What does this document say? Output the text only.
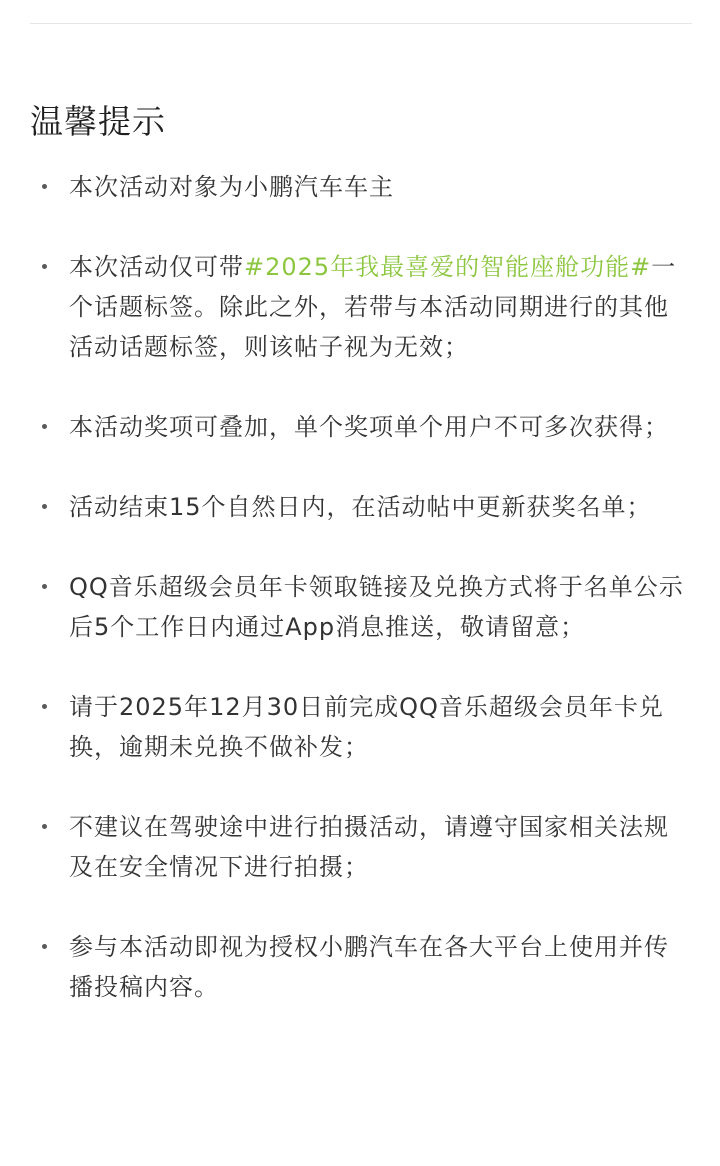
温馨提示
本次活动对象为小鹏汽车车主
本次活动仅可带#2025年我最喜爱的智能座舱功能#一个话题标签。除此之外，若带与本活动同期进行的其他活动话题标签，则该帖子视为无效；
本活动奖项可叠加，单个奖项单个用户不可多次获得；
活动结束15个自然日内，在活动帖中更新获奖名单；
QQ音乐超级会员年卡领取链接及兑换方式将于名单公示后5个工作日内通过App消息推送，敬请留意；
请于2025年12月30日前完成QQ音乐超级会员年卡兑换，逾期未兑换不做补发；
不建议在驾驶途中进行拍摄活动，请遵守国家相关法规及在安全情况下进行拍摄；
参与本活动即视为授权小鹏汽车在各大平台上使用并传播投稿内容。
